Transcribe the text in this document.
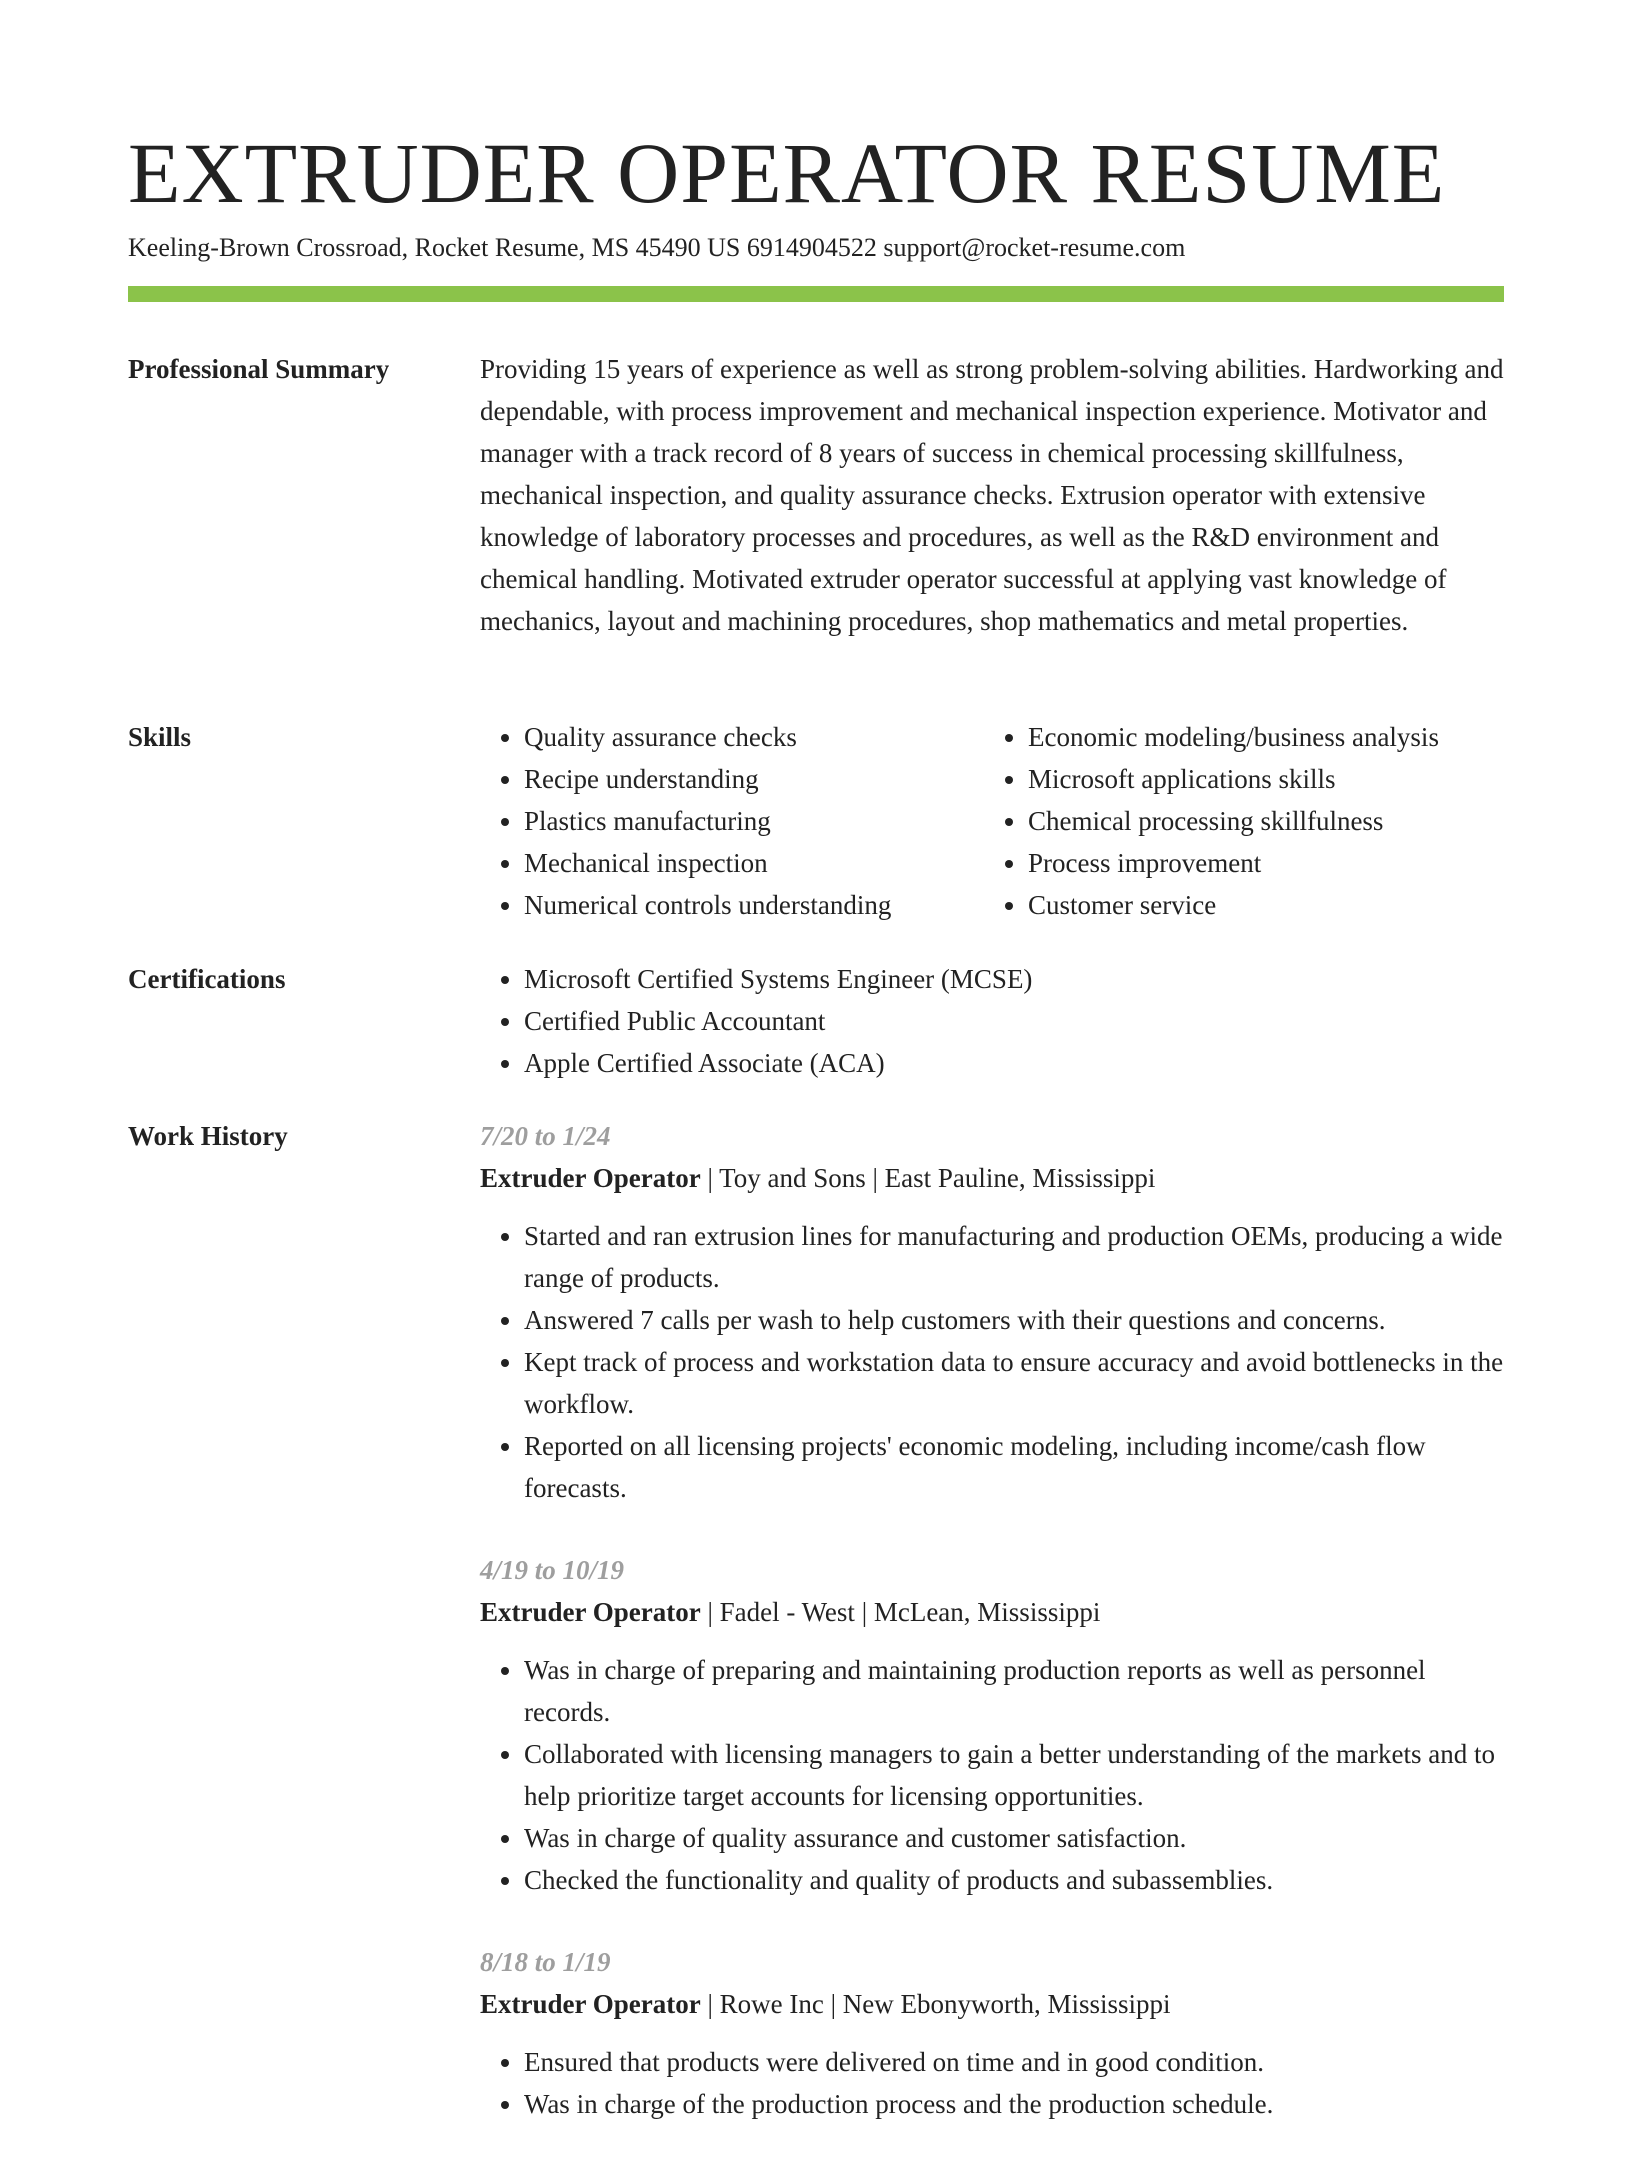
EXTRUDER OPERATOR RESUME
Keeling-Brown Crossroad, Rocket Resume, MS 45490 US 6914904522 support@rocket-resume.com
Professional Summary	Providing 15 years of experience as well as strong problem-solving abilities. Hardworking and dependable, with process improvement and mechanical inspection experience. Motivator and manager with a track record of 8 years of success in chemical processing skillfulness, mechanical inspection, and quality assurance checks. Extrusion operator with extensive knowledge of laboratory processes and procedures, as well as the R&D environment and chemical handling. Motivated extruder operator successful at applying vast knowledge of mechanics, layout and machining procedures, shop mathematics and metal properties.

Skills	• Quality assurance checks
• Recipe understanding
• Plastics manufacturing
• Mechanical inspection
• Numerical controls understanding
• Economic modeling/business analysis
• Microsoft applications skills
• Chemical processing skillfulness
• Process improvement
• Customer service
Certifications	• Microsoft Certified Systems Engineer (MCSE)
• Certified Public Accountant
• Apple Certified Associate (ACA)
Work History	7/20 to 1/24
Extruder Operator | Toy and Sons | East Pauline, Mississippi
• Started and ran extrusion lines for manufacturing and production OEMs, producing a wide range of products.
• Answered 7 calls per wash to help customers with their questions and concerns.
• Kept track of process and workstation data to ensure accuracy and avoid bottlenecks in the workflow.
• Reported on all licensing projects' economic modeling, including income/cash flow forecasts.
4/19 to 10/19
Extruder Operator | Fadel - West | McLean, Mississippi
• Was in charge of preparing and maintaining production reports as well as personnel records.
• Collaborated with licensing managers to gain a better understanding of the markets and to help prioritize target accounts for licensing opportunities.
• Was in charge of quality assurance and customer satisfaction.
• Checked the functionality and quality of products and subassemblies.
8/18 to 1/19
Extruder Operator | Rowe Inc | New Ebonyworth, Mississippi
• Ensured that products were delivered on time and in good condition.
• Was in charge of the production process and the production schedule.
